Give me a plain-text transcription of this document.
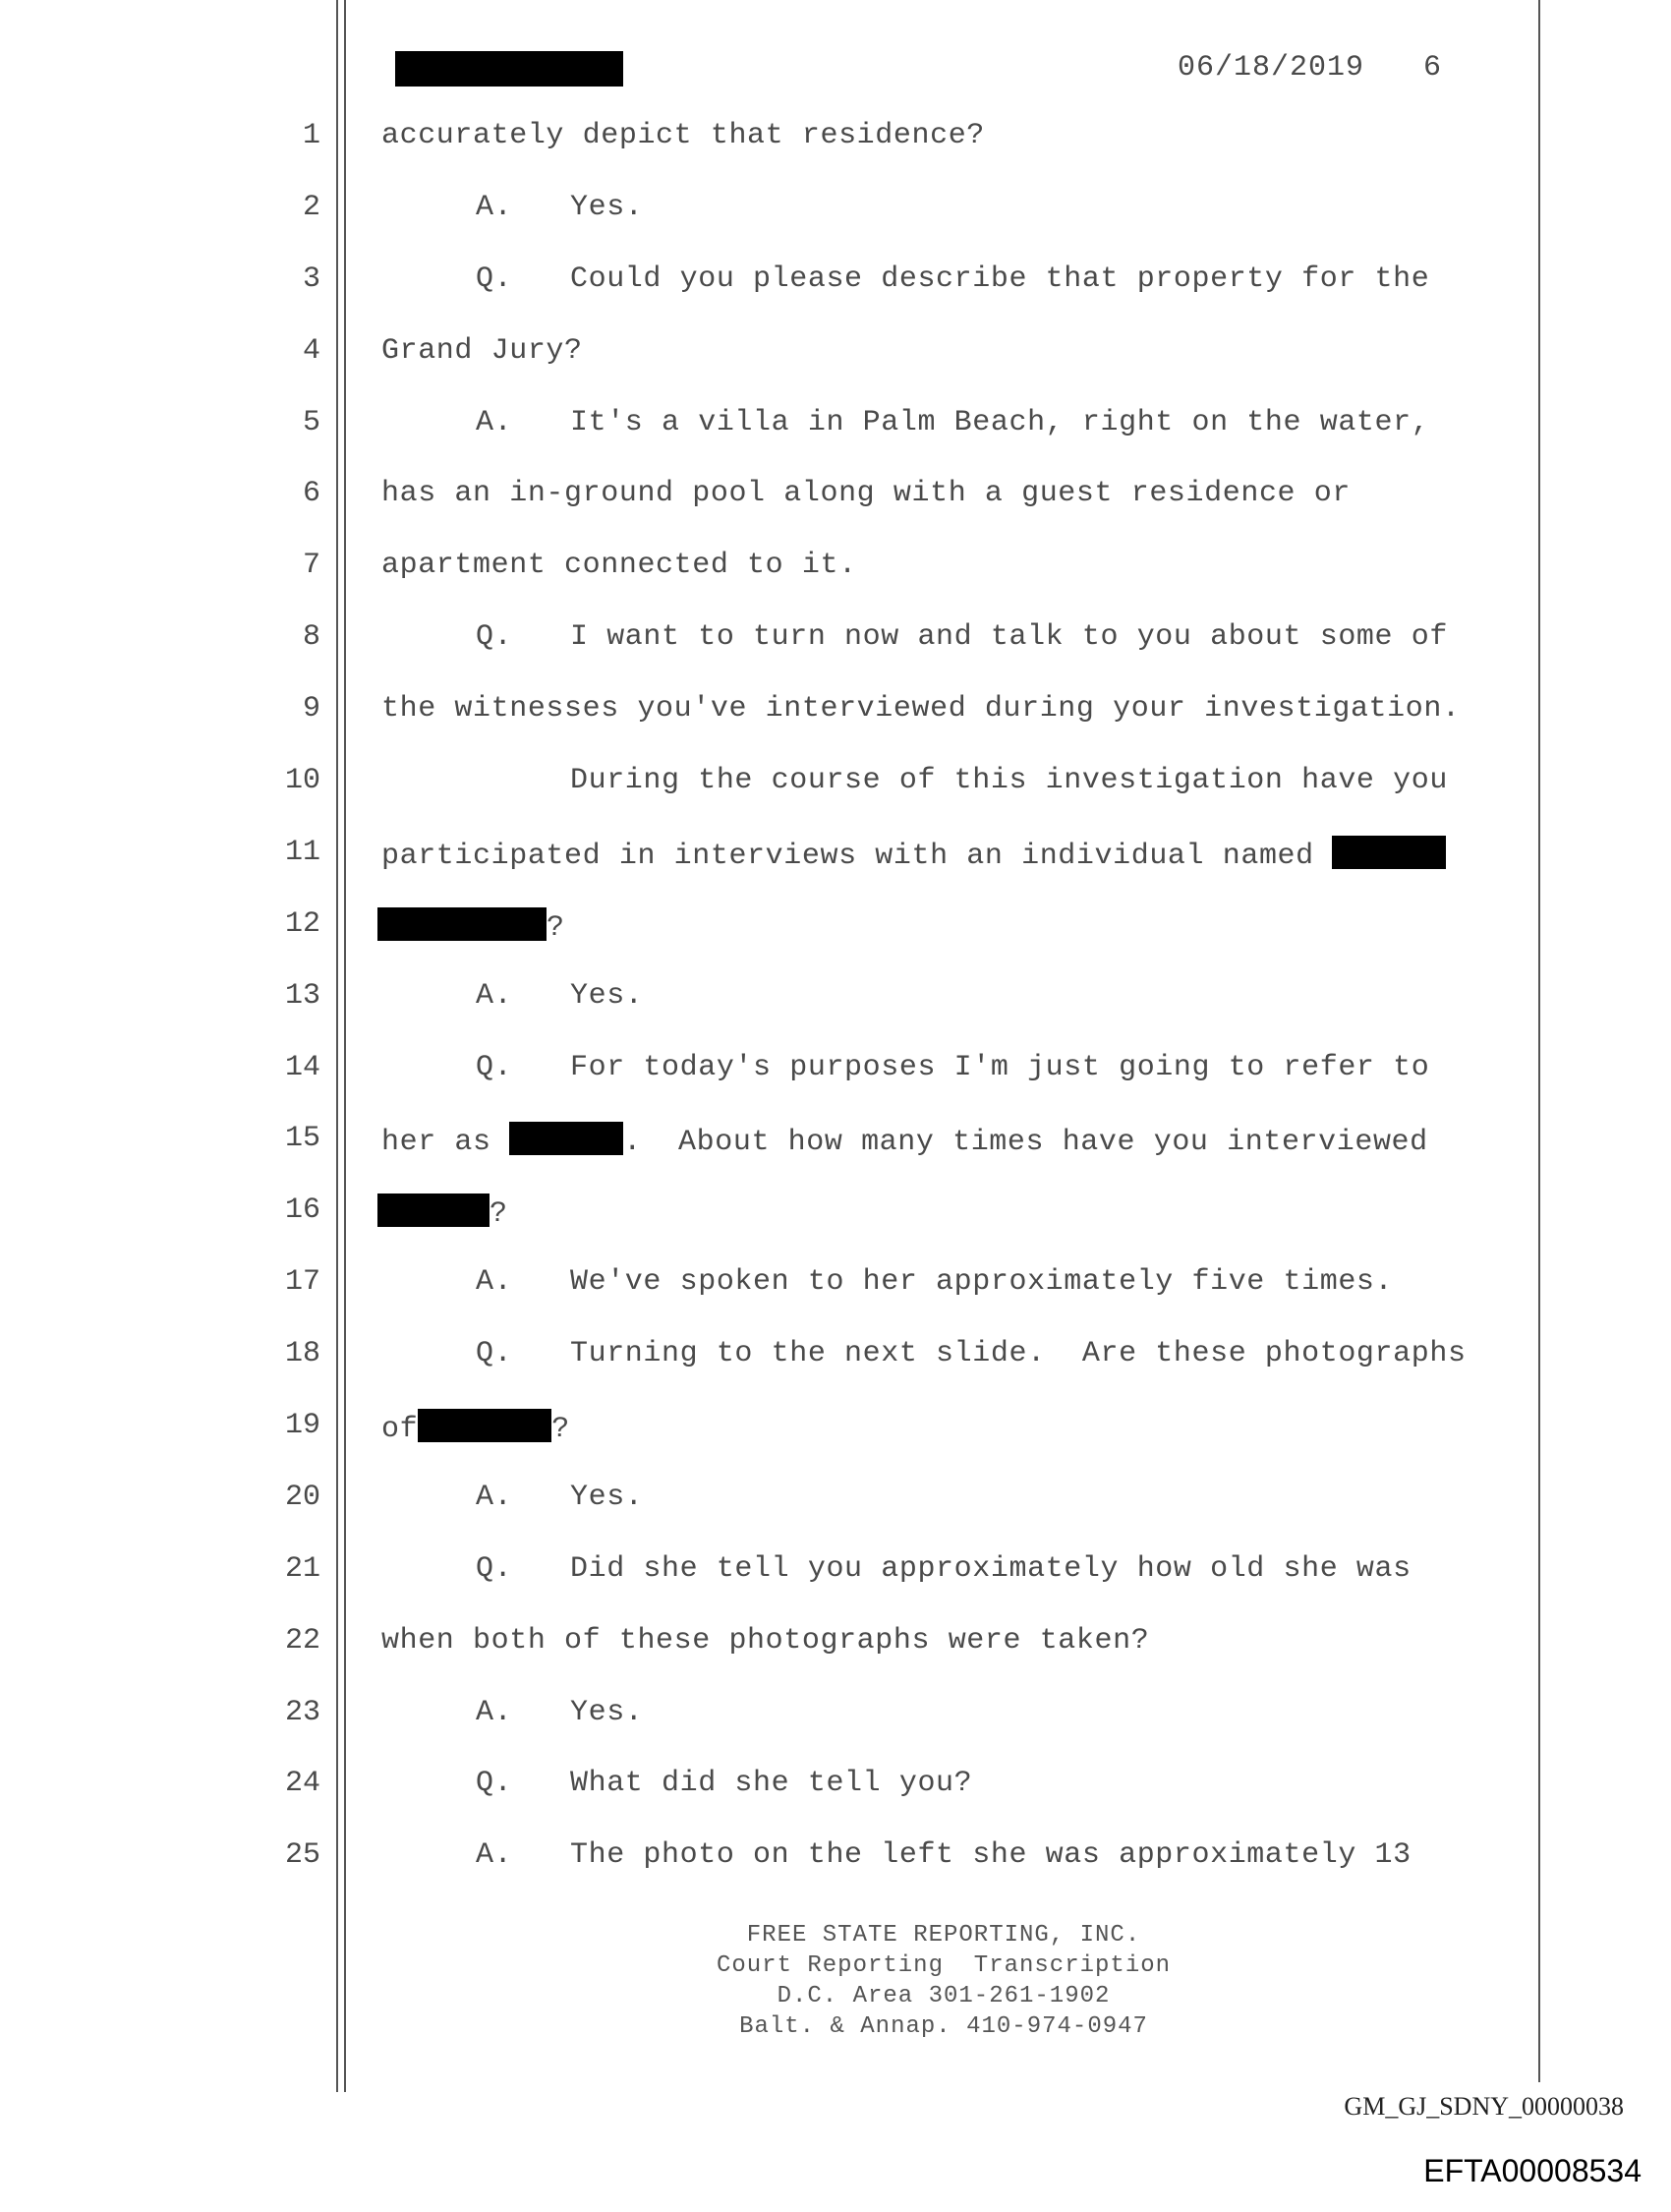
06/18/2019 6
1 accurately depict that residence?
2	A. Yes.
3	Q. Could you please describe that property for the
4 Grand Jury?
5	A. It's a villa in Palm Beach, right on the water,
6 has an in-ground pool along with a guest residence or
7 apartment connected to it.
8	Q. I want to turn now and talk to you about some of
9 the witnesses you've interviewed during your investigation.
10	During the course of this investigation have you
11 participated in interviews with an individual named
12	?
13	A. Yes.
14	Q. For today's purposes I'm just going to refer to
15 her as	.  About how many times have you interviewed
16	?
17	A. We've spoken to her approximately five times.
18	Q. Turning to the next slide.  Are these photographs
19 of	?
20	A. Yes.
21	Q. Did she tell you approximately how old she was
22 when both of these photographs were taken?
23	A. Yes.
24	Q. What did she tell you?
25	A. The photo on the left she was approximately 13
FREE STATE REPORTING, INC.
Court Reporting  Transcription
D.C. Area 301-261-1902
Balt. & Annap. 410-974-0947
GM_GJ_SDNY_00000038
EFTA00008534
